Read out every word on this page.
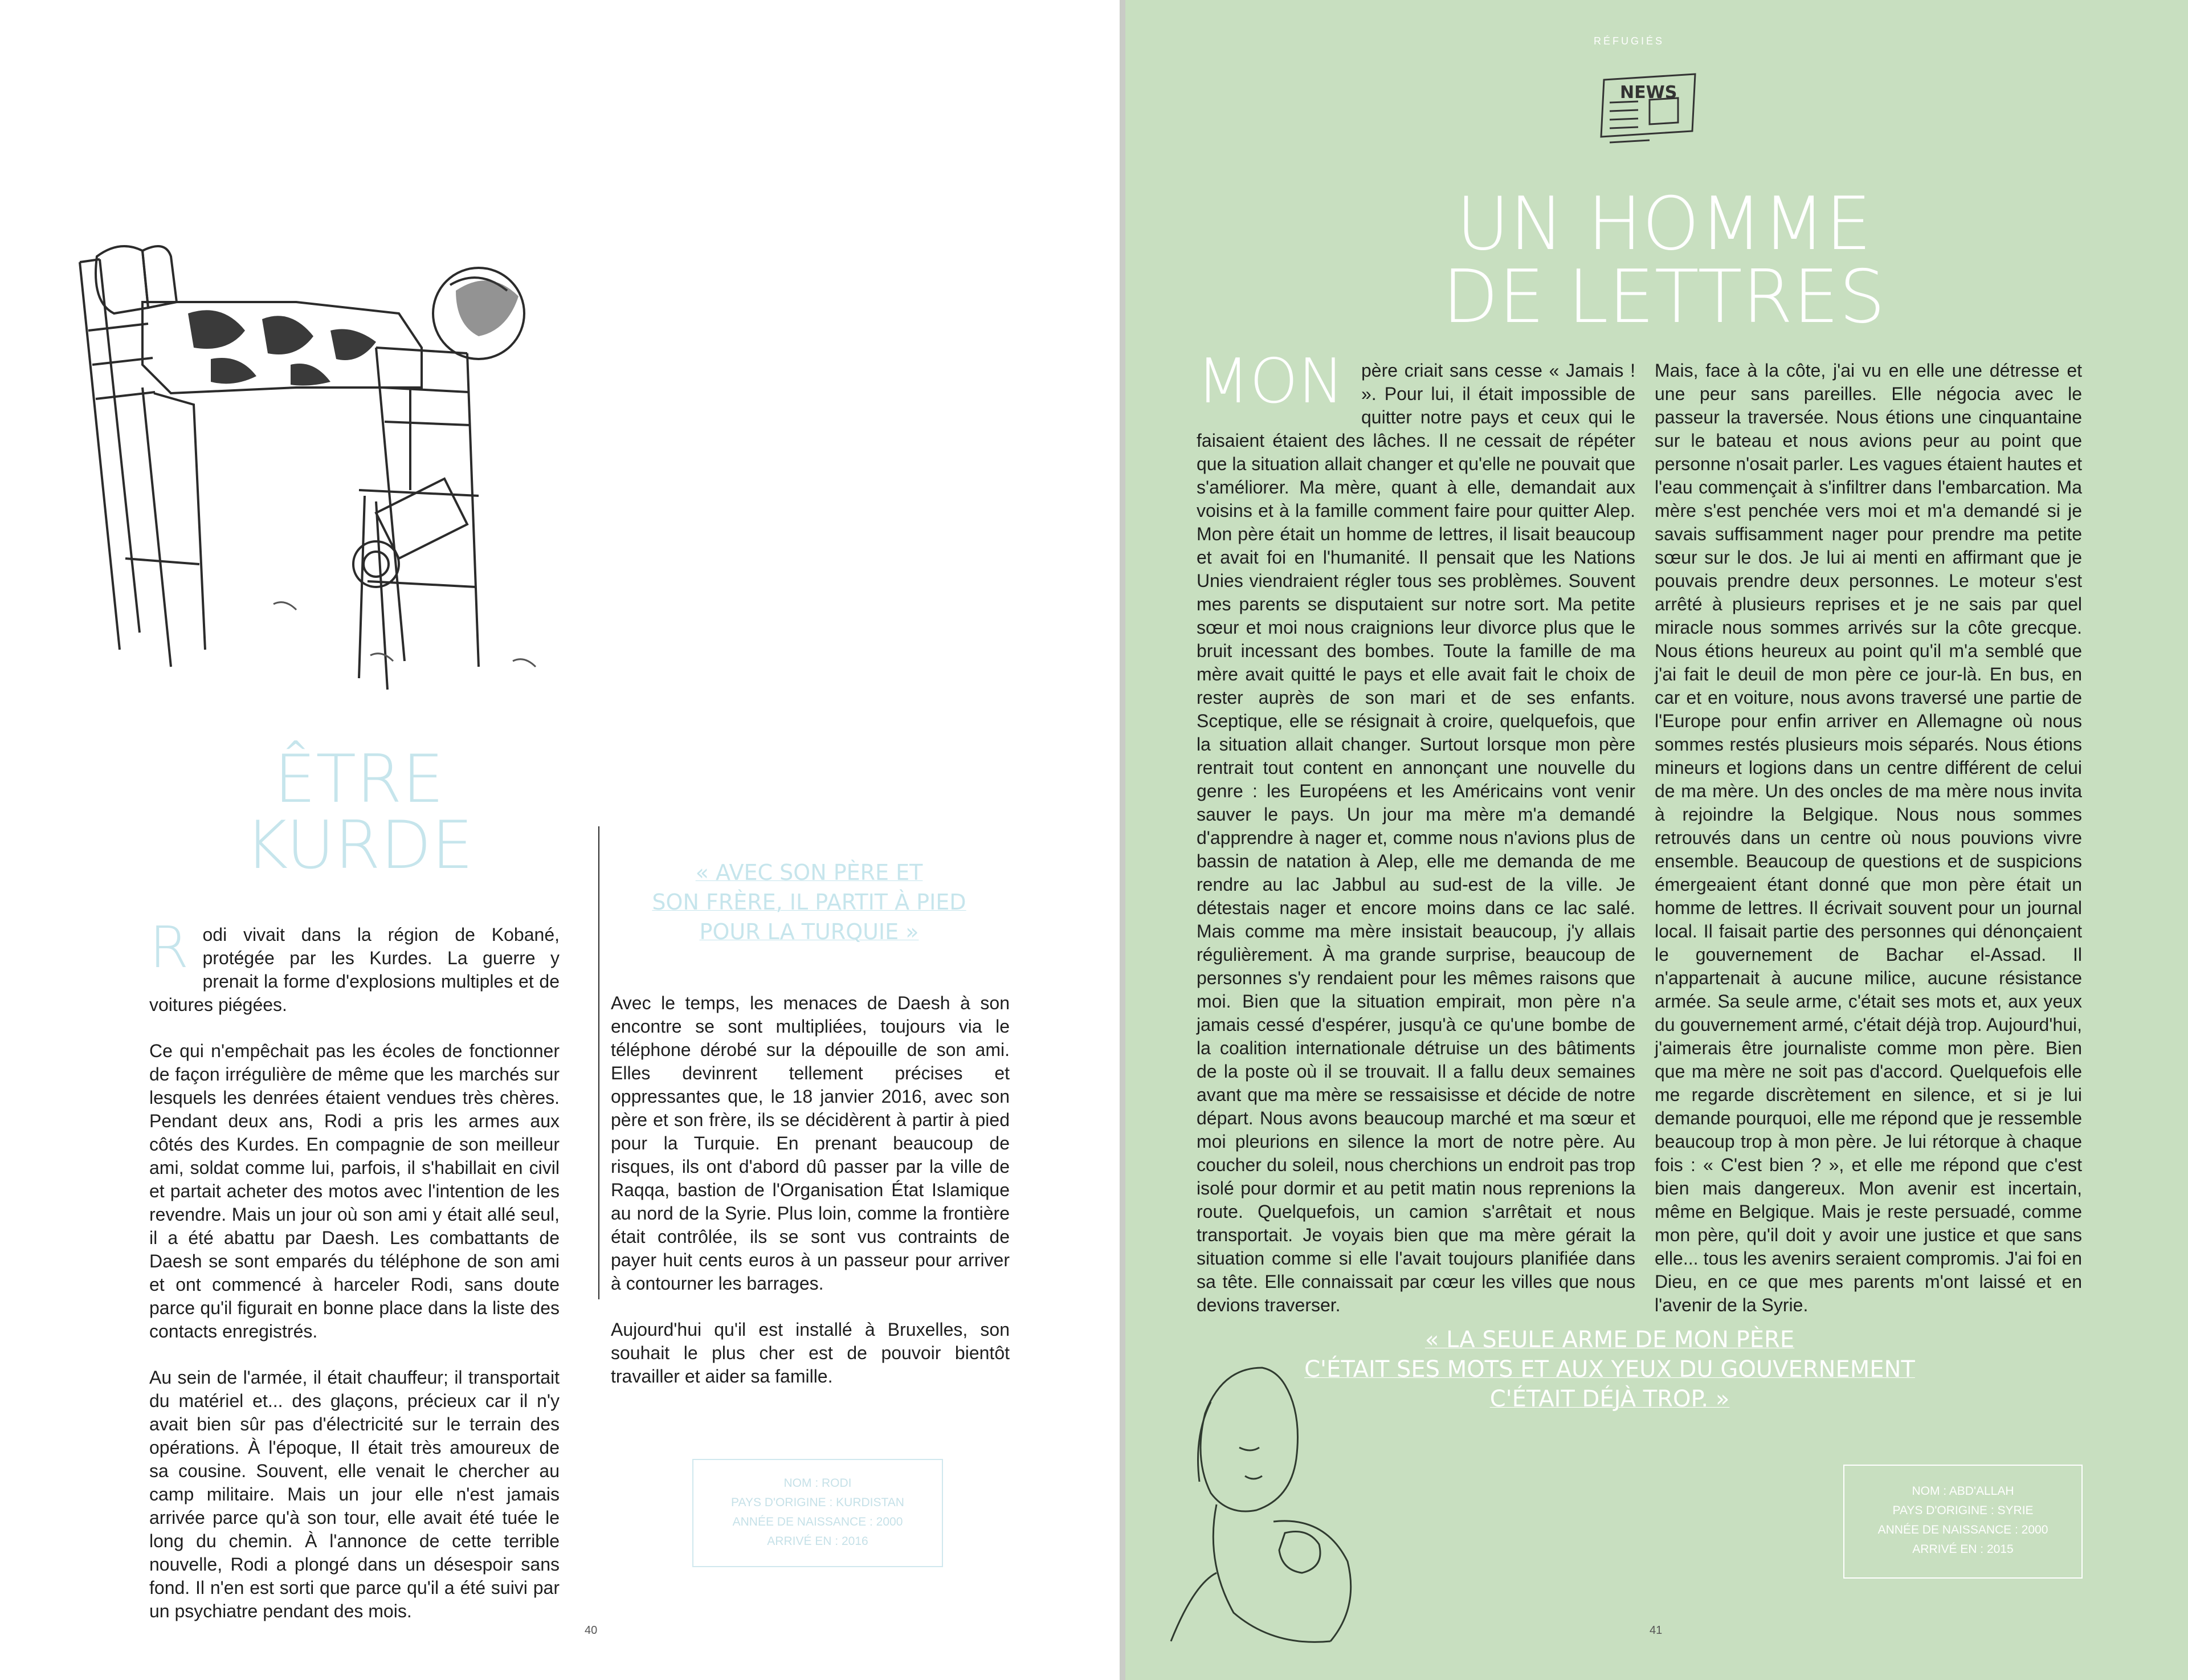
ÊTRE
KURDE

R odi vivait dans la région de Kobané, protégée par les Kurdes. La guerre y prenait la forme d'explosions multiples et de voitures piégées.

Ce qui n'empêchait pas les écoles de fonctionner de façon irrégulière de même que les marchés sur lesquels les denrées étaient vendues très chères. Pendant deux ans, Rodi a pris les armes aux côtés des Kurdes. En compagnie de son meilleur ami, soldat comme lui, parfois, il s'habillait en civil et partait acheter des motos avec l'intention de les revendre. Mais un jour où son ami y était allé seul, il a été abattu par Daesh. Les combattants de Daesh se sont emparés du téléphone de son ami et ont commencé à harceler Rodi, sans doute parce qu'il figurait en bonne place dans la liste des contacts enregistrés.

Au sein de l'armée, il était chauffeur; il transportait du matériel et... des glaçons, précieux car il n'y avait bien sûr pas d'électricité sur le terrain des opérations. À l'époque, Il était très amoureux de sa cousine. Souvent, elle venait le chercher au camp militaire. Mais un jour elle n'est jamais arrivée parce qu'à son tour, elle avait été tuée le long du chemin. À l'annonce de cette terrible nouvelle, Rodi a plongé dans un désespoir sans fond. Il n'en est sorti que parce qu'il a été suivi par un psychiatre pendant des mois.

« AVEC SON PÈRE ET
SON FRÈRE, IL PARTIT À PIED
POUR LA TURQUIE »

Avec le temps, les menaces de Daesh à son encontre se sont multipliées, toujours via le téléphone dérobé sur la dépouille de son ami. Elles devinrent tellement précises et oppressantes que, le 18 janvier 2016, avec son père et son frère, ils se décidèrent à partir à pied pour la Turquie. En prenant beaucoup de risques, ils ont d'abord dû passer par la ville de Raqqa, bastion de l'Organisation État Islamique au nord de la Syrie. Plus loin, comme la frontière était contrôlée, ils se sont vus contraints de payer huit cents euros à un passeur pour arriver à contourner les barrages.

Aujourd'hui qu'il est installé à Bruxelles, son souhait le plus cher est de pouvoir bientôt travailler et aider sa famille.

NOM : RODI
PAYS D'ORIGINE : KURDISTAN
ANNÉE DE NAISSANCE : 2000
ARRIVÉ EN : 2016
40
RÉFUGIÉS
NEWS
UN HOMME
DE LETTRES

MON père criait sans cesse « Jamais ! ». Pour lui, il était impossible de quitter notre pays et ceux qui le faisaient étaient des lâches. Il ne cessait de répéter que la situation allait changer et qu'elle ne pouvait que s'améliorer. Ma mère, quant à elle, demandait aux voisins et à la famille comment faire pour quitter Alep. Mon père était un homme de lettres, il lisait beaucoup et avait foi en l'humanité. Il pensait que les Nations Unies viendraient régler tous ses problèmes. Souvent mes parents se disputaient sur notre sort. Ma petite sœur et moi nous craignions leur divorce plus que le bruit incessant des bombes. Toute la famille de ma mère avait quitté le pays et elle avait fait le choix de rester auprès de son mari et de ses enfants. Sceptique, elle se résignait à croire, quelquefois, que la situation allait changer. Surtout lorsque mon père rentrait tout content en annonçant une nouvelle du genre : les Européens et les Américains vont venir sauver le pays. Un jour ma mère m'a demandé d'apprendre à nager et, comme nous n'avions plus de bassin de natation à Alep, elle me demanda de me rendre au lac Jabbul au sud-est de la ville. Je détestais nager et encore moins dans ce lac salé. Mais comme ma mère insistait beaucoup, j'y allais régulièrement. À ma grande surprise, beaucoup de personnes s'y rendaient pour les mêmes raisons que moi. Bien que la situation empirait, mon père n'a jamais cessé d'espérer, jusqu'à ce qu'une bombe de la coalition internationale détruise un des bâtiments de la poste où il se trouvait. Il a fallu deux semaines avant que ma mère se ressaisisse et décide de notre départ. Nous avons beaucoup marché et ma sœur et moi pleurions en silence la mort de notre père. Au coucher du soleil, nous cherchions un endroit pas trop isolé pour dormir et au petit matin nous reprenions la route. Quelquefois, un camion s'arrêtait et nous transportait. Je voyais bien que ma mère gérait la situation comme si elle l'avait toujours planifiée dans sa tête. Elle connaissait par cœur les villes que nous devions traverser.

Mais, face à la côte, j'ai vu en elle une détresse et une peur sans pareilles. Elle négocia avec le passeur la traversée. Nous étions une cinquantaine sur le bateau et nous avions peur au point que personne n'osait parler. Les vagues étaient hautes et l'eau commençait à s'infiltrer dans l'embarcation. Ma mère s'est penchée vers moi et m'a demandé si je savais suffisamment nager pour prendre ma petite sœur sur le dos. Je lui ai menti en affirmant que je pouvais prendre deux personnes. Le moteur s'est arrêté à plusieurs reprises et je ne sais par quel miracle nous sommes arrivés sur la côte grecque. Nous étions heureux au point qu'il m'a semblé que j'ai fait le deuil de mon père ce jour-là. En bus, en car et en voiture, nous avons traversé une partie de l'Europe pour enfin arriver en Allemagne où nous sommes restés plusieurs mois séparés. Nous étions mineurs et logions dans un centre différent de celui de ma mère. Un des oncles de ma mère nous invita à rejoindre la Belgique. Nous nous sommes retrouvés dans un centre où nous pouvions vivre ensemble. Beaucoup de questions et de suspicions émergeaient étant donné que mon père était un homme de lettres. Il écrivait souvent pour un journal local. Il faisait partie des personnes qui dénonçaient le gouvernement de Bachar el-Assad. Il n'appartenait à aucune milice, aucune résistance armée. Sa seule arme, c'était ses mots et, aux yeux du gouvernement armé, c'était déjà trop. Aujourd'hui, j'aimerais être journaliste comme mon père. Bien que ma mère ne soit pas d'accord. Quelquefois elle me regarde discrètement en silence, et si je lui demande pourquoi, elle me répond que je ressemble beaucoup trop à mon père. Je lui rétorque à chaque fois : « C'est bien ? », et elle me répond que c'est bien mais dangereux. Mon avenir est incertain, même en Belgique. Mais je reste persuadé, comme mon père, qu'il doit y avoir une justice et que sans elle... tous les avenirs seraient compromis. J'ai foi en Dieu, en ce que mes parents m'ont laissé et en l'avenir de la Syrie.

« LA SEULE ARME DE MON PÈRE
C'ÉTAIT SES MOTS ET AUX YEUX DU GOUVERNEMENT
C'ÉTAIT DÉJÀ TROP. »
NOM : ABD'ALLAH
PAYS D'ORIGINE : SYRIE
ANNÉE DE NAISSANCE : 2000
ARRIVÉ EN : 2015
41
